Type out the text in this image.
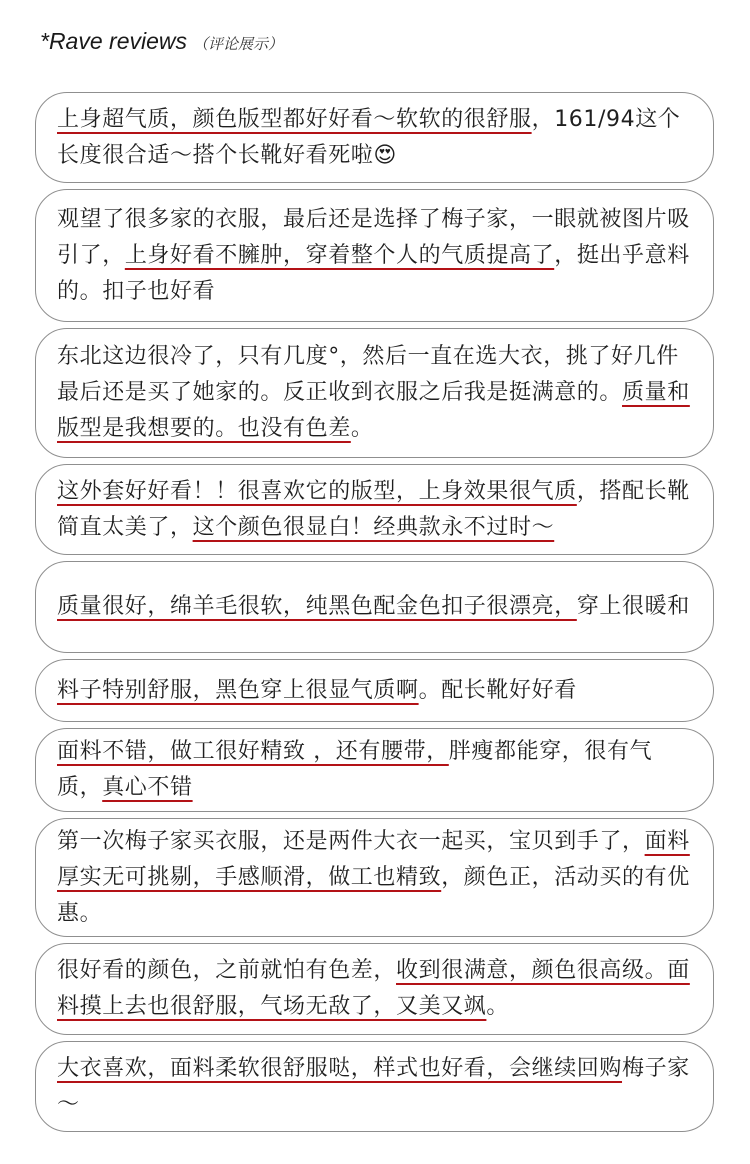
*Rave reviews （评论展示）
上身超气质，颜色版型都好好看～软软的很舒服，161/94这个长度很合适～搭个长靴好看死啦😍
观望了很多家的衣服，最后还是选择了梅子家，一眼就被图片吸引了，上身好看不臃肿，穿着整个人的气质提高了，挺出乎意料的。扣子也好看
东北这边很冷了，只有几度°，然后一直在选大衣，挑了好几件最后还是买了她家的。反正收到衣服之后我是挺满意的。质量和版型是我想要的。也没有色差。
这外套好好看！！很喜欢它的版型，上身效果很气质，搭配长靴简直太美了，这个颜色很显白！经典款永不过时～
质量很好，绵羊毛很软，纯黑色配金色扣子很漂亮，穿上很暖和
料子特别舒服，黑色穿上很显气质啊。配长靴好好看
面料不错，做工很好精致 ，还有腰带，胖瘦都能穿，很有气质，真心不错
第一次梅子家买衣服，还是两件大衣一起买，宝贝到手了，面料厚实无可挑剔，手感顺滑，做工也精致，颜色正，活动买的有优惠。
很好看的颜色，之前就怕有色差，收到很满意，颜色很高级。面料摸上去也很舒服，气场无敌了，又美又飒。
大衣喜欢，面料柔软很舒服哒，样式也好看，会继续回购梅子家～
